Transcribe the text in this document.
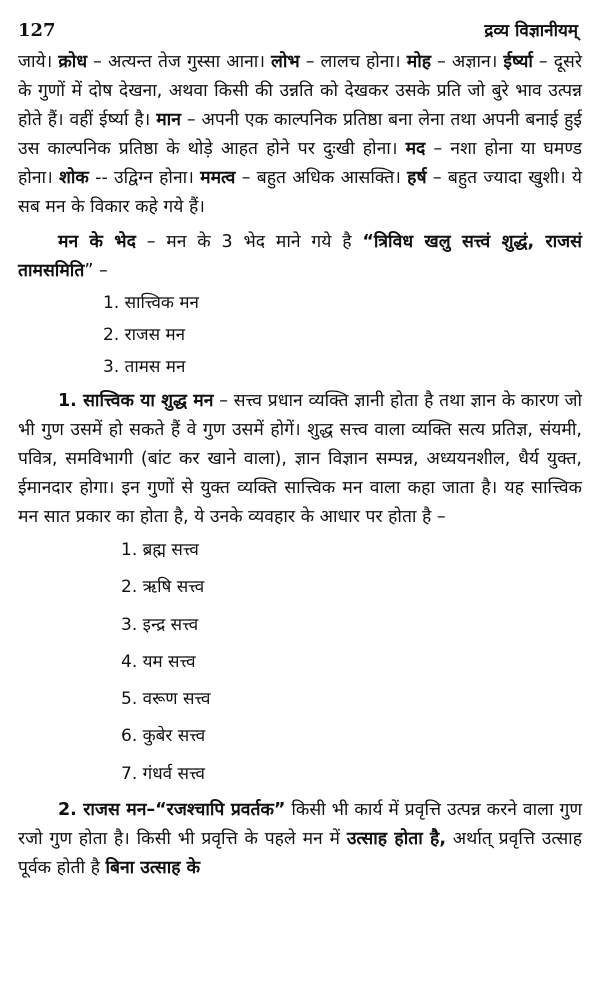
127	द्रव्य विज्ञानीयम्

जाये। क्रोध – अत्यन्त तेज गुस्सा आना। लोभ – लालच होना। मोह – अज्ञान। ईर्ष्या – दूसरे के गुणों में दोष देखना, अथवा किसी की उन्नति को देखकर उसके प्रति जो बुरे भाव उत्पन्न होते हैं। वहीं ईर्ष्या है। मान – अपनी एक काल्पनिक प्रतिष्ठा बना लेना तथा अपनी बनाई हुई उस काल्पनिक प्रतिष्ठा के थोड़े आहत होने पर दुःखी होना। मद – नशा होना या घमण्ड होना। शोक -- उद्विग्न होना। ममत्व – बहुत अधिक आसक्ति। हर्ष – बहुत ज्यादा खुशी। ये सब मन के विकार कहे गये हैं।

मन के भेद – मन के 3 भेद माने गये है “त्रिविध खलु सत्त्वं शुद्धं, राजसं तामसमिति” –

1. सात्त्विक मन
2. राजस मन
3. तामस मन

1. सात्त्विक या शुद्ध मन – सत्त्व प्रधान व्यक्ति ज्ञानी होता है तथा ज्ञान के कारण जो भी गुण उसमें हो सकते हैं वे गुण उसमें होगें। शुद्ध सत्त्व वाला व्यक्ति सत्य प्रतिज्ञ, संयमी, पवित्र, समविभागी (बांट कर खाने वाला), ज्ञान विज्ञान सम्पन्न, अध्ययनशील, धैर्य युक्त, ईमानदार होगा। इन गुणों से युक्त व्यक्ति सात्त्विक मन वाला कहा जाता है। यह सात्त्विक मन सात प्रकार का होता है, ये उनके व्यवहार के आधार पर होता है –

1. ब्रह्म सत्त्व
2. ऋषि सत्त्व
3. इन्द्र सत्त्व
4. यम सत्त्व
5. वरूण सत्त्व
6. कुबेर सत्त्व
7. गंधर्व सत्त्व

2. राजस मन–“रजश्चापि प्रवर्तक” किसी भी कार्य में प्रवृत्ति उत्पन्न करने वाला गुण रजो गुण होता है। किसी भी प्रवृत्ति के पहले मन में उत्साह होता है, अर्थात् प्रवृत्ति उत्साह पूर्वक होती है बिना उत्साह के
